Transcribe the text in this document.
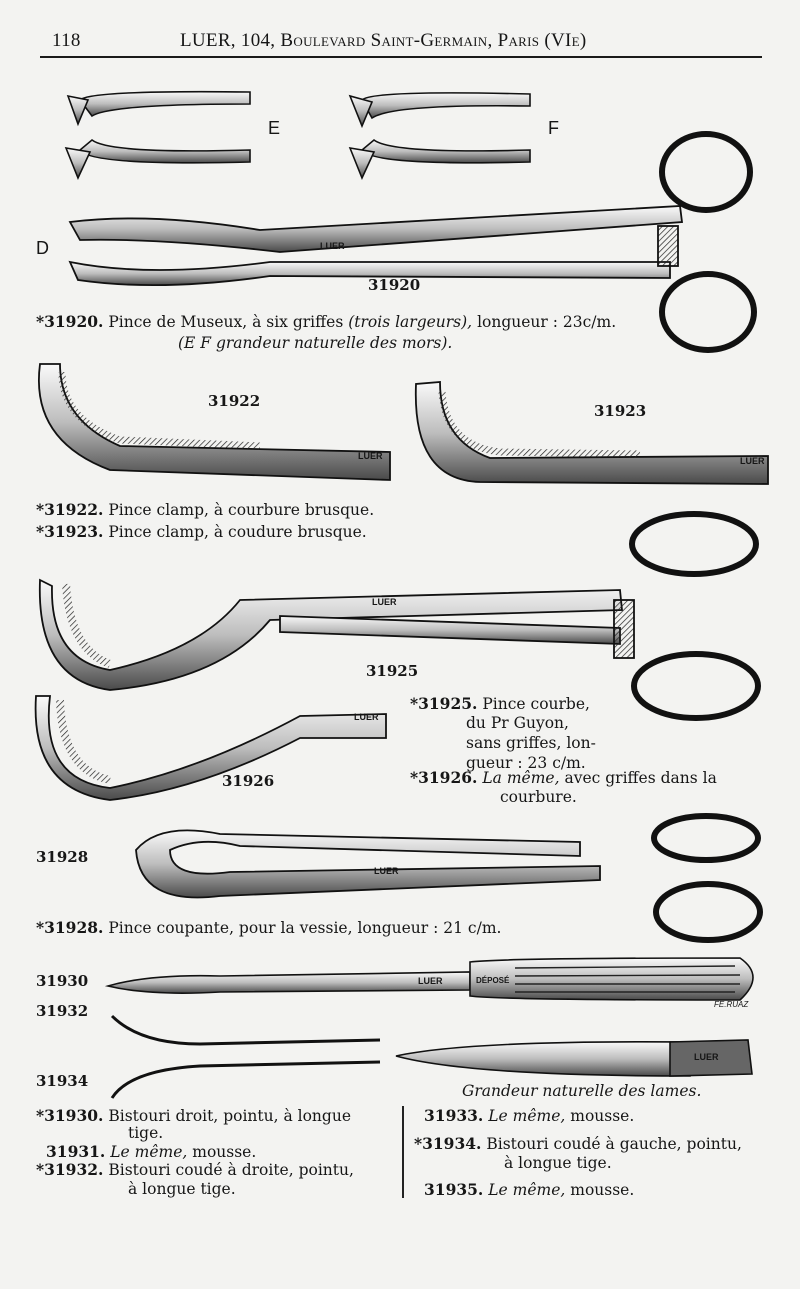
118	LUER, 104, Boulevard Saint-Germain, Paris (VIe)
E	F
D
31920
31922
31923
31925
31926
31928
31930
31932
31934
LUER
LUER	LUER
LUER
LUER
LUER
LUER	DÉPOSÉ
FE.RUAZ
LUER
*31920. Pince de Museux, à six griffes (trois largeurs), longueur : 23c/m.
(E F grandeur naturelle des mors).
*31922. Pince clamp, à courbure brusque.
*31923. Pince clamp, à coudure brusque.
*31925. Pince courbe,
du Pr Guyon,
sans griffes, lon-
gueur : 23 c/m.
*31926. La même, avec griffes dans la
courbure.
*31928. Pince coupante, pour la vessie, longueur : 21 c/m.
Grandeur naturelle des lames.
*31930. Bistouri droit, pointu, à longue
tige.
31931. Le même, mousse.
*31932. Bistouri coudé à droite, pointu,
à longue tige.
31933. Le même, mousse.
*31934. Bistouri coudé à gauche, pointu,
à longue tige.
31935. Le même, mousse.
